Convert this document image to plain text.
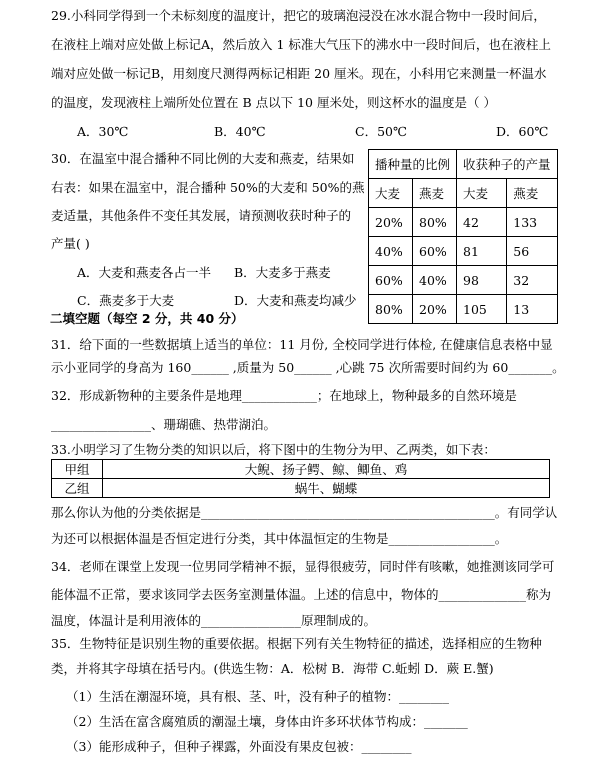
29.小科同学得到一个未标刻度的温度计，把它的玻璃泡浸没在冰水混合物中一段时间后，
在液柱上端对应处做上标记A，然后放入 1 标准大气压下的沸水中一段时间后，也在液柱上
端对应处做一标记B，用刻度尺测得两标记相距 20 厘米。现在，小科用它来测量一杯温水
的温度，发现液柱上端所处位置在 B 点以下 10 厘米处，则这杯水的温度是（ ）
A．30℃	B．40℃	C．50℃	D．60℃
30．在温室中混合播种不同比例的大麦和燕麦，结果如
右表：如果在温室中，混合播种 50%的大麦和 50%的燕
麦适量，其他条件不变任其发展，请预测收获时种子的
产量( )
A．大麦和燕麦各占一半 B．大麦多于燕麦
C．燕麦多于大麦	D．大麦和燕麦均减少
播种量的比例		收获种子的产量	
大麦	燕麦	大麦	燕麦
20%	80%	42	133
40%	60%	81	56
60%	40%	98	32
80%	20%	105	13
二填空题（每空 2 分，共 40 分）
31．给下面的一些数据填上适当的单位：11 月份, 全校同学进行体检, 在健康信息表格中显
示小亚同学的身高为 160______ ,质量为 50______ ,心跳 75 次所需要时间约为 60_______。
32．形成新物种的主要条件是地理____________；在地球上，物种最多的自然环境是
________________、珊瑚礁、热带湖泊。
33.小明学习了生物分类的知识以后，将下图中的生物分为甲、乙两类，如下表：
甲组	大鲵、扬子鳄、鲸、鲫鱼、鸡
乙组	蜗牛、蝴蝶
那么你认为他的分类依据是_______________________________________________。有同学认
为还可以根据体温是否恒定进行分类，其中体温恒定的生物是_________________。
34．老师在课堂上发现一位男同学精神不振，显得很疲劳，同时伴有咳嗽，她推测该同学可
能体温不正常，要求该同学去医务室测量体温。上述的信息中，物体的______________称为
温度，体温计是利用液体的________________原理制成的。
35．生物特征是识别生物的重要依据。根据下列有关生物特征的描述，选择相应的生物种
类，并将其字母填在括号内。(供选生物：A．松树 B．海带 C.蚯蚓 D．蕨 E.蟹)
（1）生活在潮湿环境，具有根、茎、叶，没有种子的植物：________
（2）生活在富含腐殖质的潮湿土壤，身体由许多环状体节构成：_______
（3）能形成种子，但种子裸露，外面没有果皮包被：________
